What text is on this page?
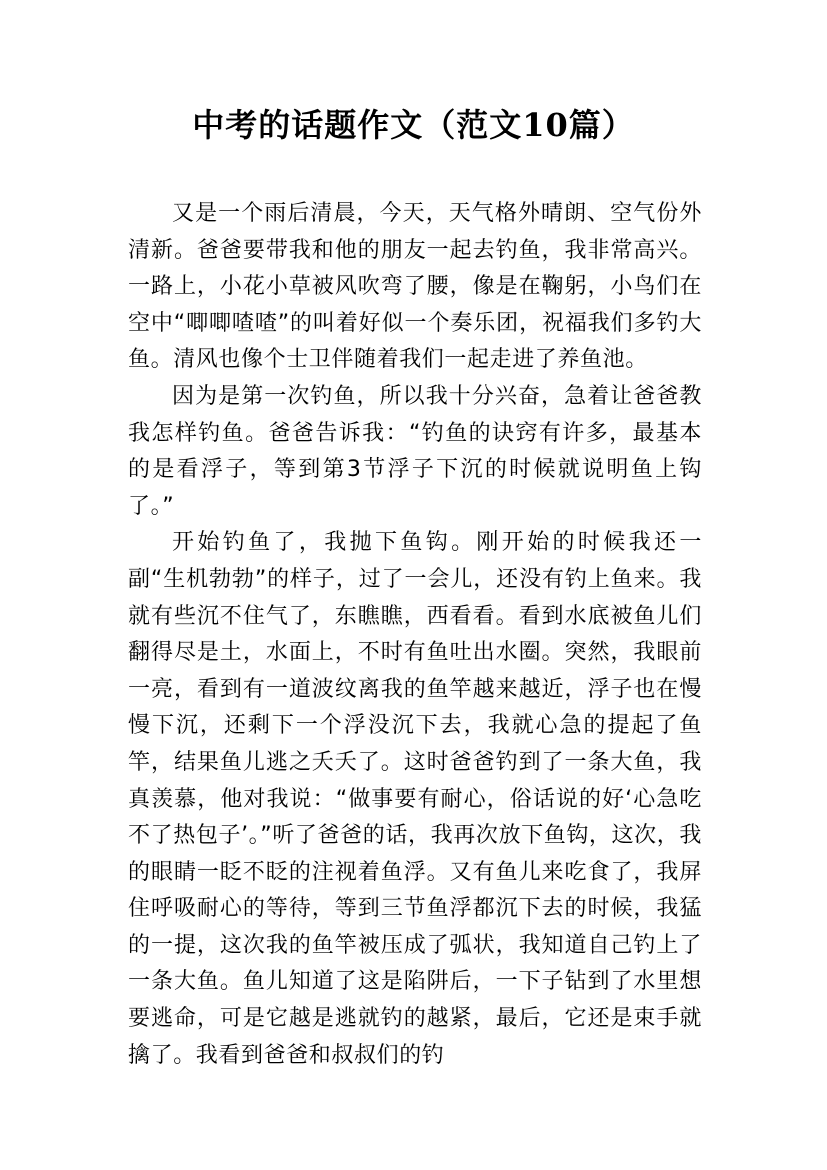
中考的话题作文（范文10篇）

又是一个雨后清晨，今天，天气格外晴朗、空气份外清新。爸爸要带我和他的朋友一起去钓鱼，我非常高兴。一路上，小花小草被风吹弯了腰，像是在鞠躬，小鸟们在空中“唧唧喳喳”的叫着好似一个奏乐团，祝福我们多钓大鱼。清风也像个士卫伴随着我们一起走进了养鱼池。

因为是第一次钓鱼，所以我十分兴奋，急着让爸爸教我怎样钓鱼。爸爸告诉我：“钓鱼的诀窍有许多，最基本的是看浮子，等到第3节浮子下沉的时候就说明鱼上钩了。”

开始钓鱼了，我抛下鱼钩。刚开始的时候我还一副“生机勃勃”的样子，过了一会儿，还没有钓上鱼来。我就有些沉不住气了，东瞧瞧，西看看。看到水底被鱼儿们翻得尽是土，水面上，不时有鱼吐出水圈。突然，我眼前一亮，看到有一道波纹离我的鱼竿越来越近，浮子也在慢慢下沉，还剩下一个浮没沉下去，我就心急的提起了鱼竿，结果鱼儿逃之夭夭了。这时爸爸钓到了一条大鱼，我真羡慕，他对我说：“做事要有耐心，俗话说的好‘心急吃不了热包子’。”听了爸爸的话，我再次放下鱼钩，这次，我的眼睛一眨不眨的注视着鱼浮。又有鱼儿来吃食了，我屏住呼吸耐心的等待，等到三节鱼浮都沉下去的时候，我猛的一提，这次我的鱼竿被压成了弧状，我知道自己钓上了一条大鱼。鱼儿知道了这是陷阱后，一下子钻到了水里想要逃命，可是它越是逃就钓的越紧，最后，它还是束手就擒了。我看到爸爸和叔叔们的钓
